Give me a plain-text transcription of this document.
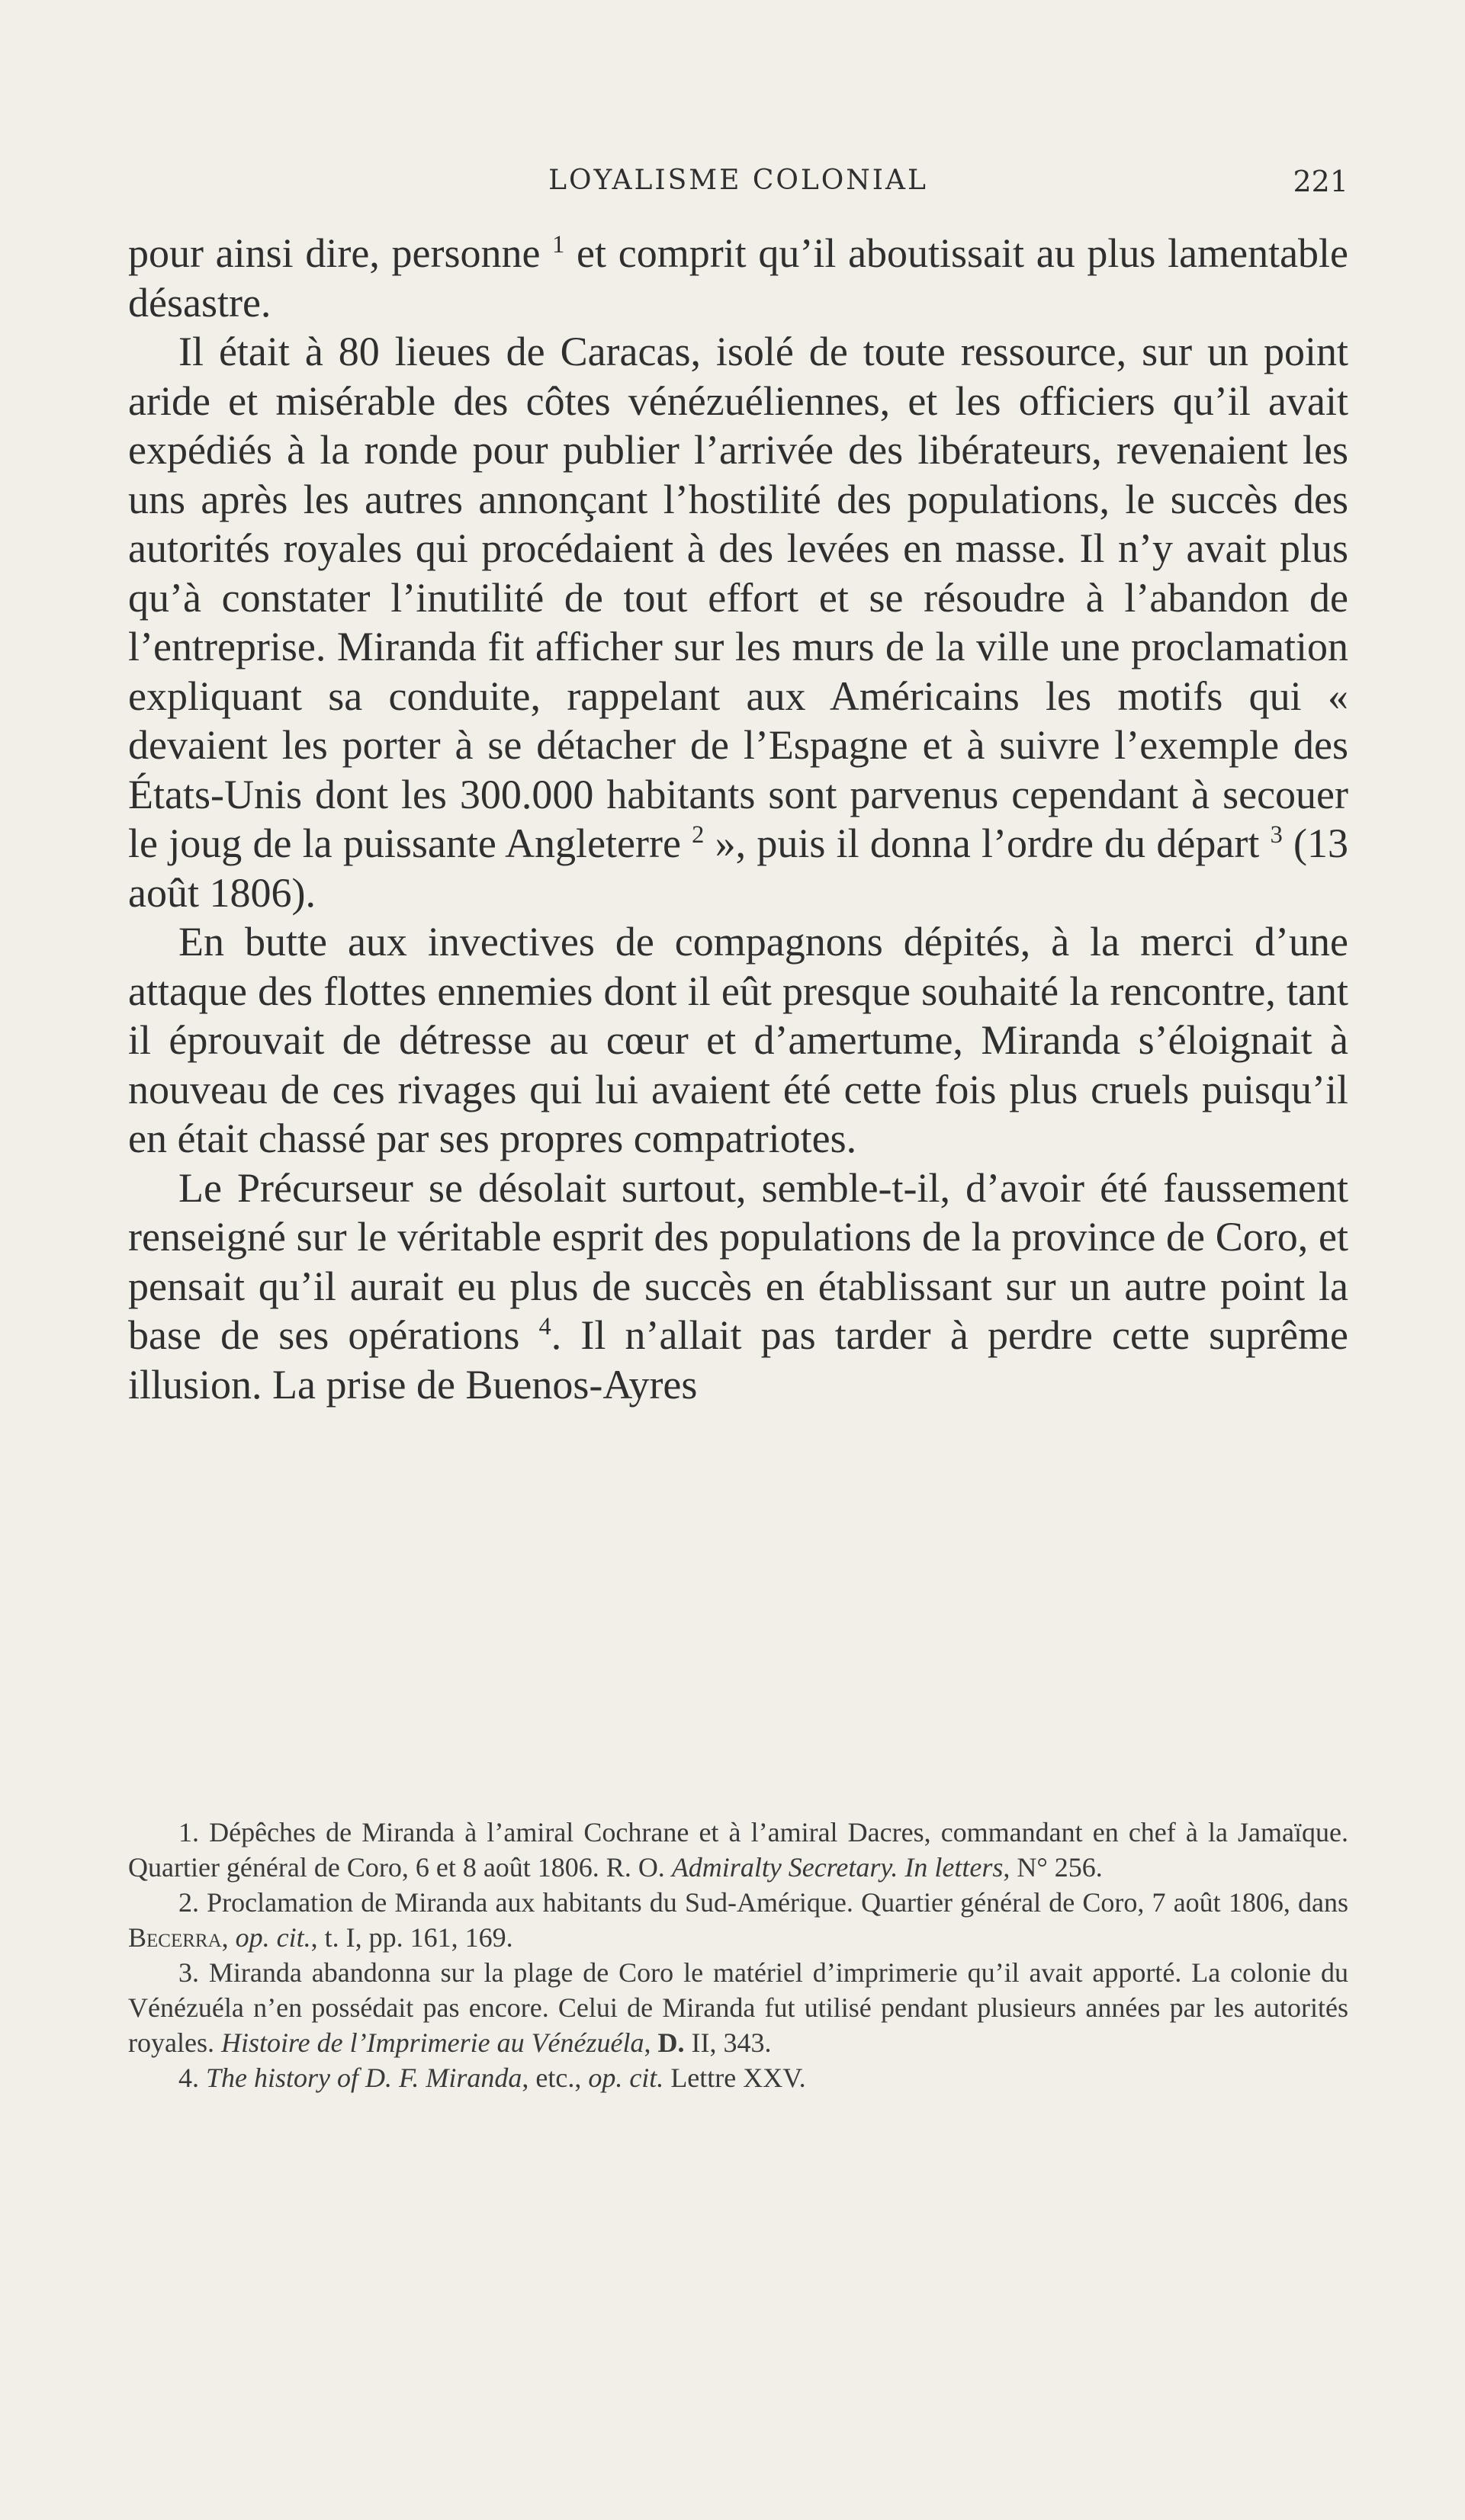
LOYALISME COLONIAL	221

pour ainsi dire, personne $^1$ et comprit qu’il aboutissait au plus lamentable désastre.

Il était à 80 lieues de Caracas, isolé de toute ressource, sur un point aride et misérable des côtes vénézuéliennes, et les officiers qu’il avait expédiés à la ronde pour publier l’arrivée des libérateurs, revenaient les uns après les autres annonçant l’hostilité des populations, le succès des autorités royales qui procédaient à des levées en masse. Il n’y avait plus qu’à constater l’inutilité de tout effort et se résoudre à l’abandon de l’entreprise. Miranda fit afficher sur les murs de la ville une proclamation expliquant sa conduite, rappelant aux Américains les motifs qui « devaient les porter à se détacher de l’Espagne et à suivre l’exemple des États-Unis dont les 300.000 habitants sont parvenus cependant à secouer le joug de la puissante Angleterre $^2$ », puis il donna l’ordre du départ $^3$ (13 août 1806).

En butte aux invectives de compagnons dépités, à la merci d’une attaque des flottes ennemies dont il eût presque souhaité la rencontre, tant il éprouvait de détresse au cœur et d’amertume, Miranda s’éloignait à nouveau de ces rivages qui lui avaient été cette fois plus cruels puisqu’il en était chassé par ses propres compatriotes.

Le Précurseur se désolait surtout, semble-t-il, d’avoir été faussement renseigné sur le véritable esprit des populations de la province de Coro, et pensait qu’il aurait eu plus de succès en établissant sur un autre point la base de ses opérations $^4$. Il n’allait pas tarder à perdre cette suprême illusion. La prise de Buenos-Ayres

1. Dépêches de Miranda à l’amiral Cochrane et à l’amiral Dacres, commandant en chef à la Jamaïque. Quartier général de Coro, 6 et 8 août 1806. R. O. Admiralty Secretary. In letters, N° 256.

2. Proclamation de Miranda aux habitants du Sud-Amérique. Quartier général de Coro, 7 août 1806, dans Becerra, op. cit., t. I, pp. 161, 169.

3. Miranda abandonna sur la plage de Coro le matériel d’imprimerie qu’il avait apporté. La colonie du Vénézuéla n’en possédait pas encore. Celui de Miranda fut utilisé pendant plusieurs années par les autorités royales. Histoire de l’Imprimerie au Vénézuéla, D. II, 343.

4. The history of D. F. Miranda, etc., op. cit. Lettre XXV.
